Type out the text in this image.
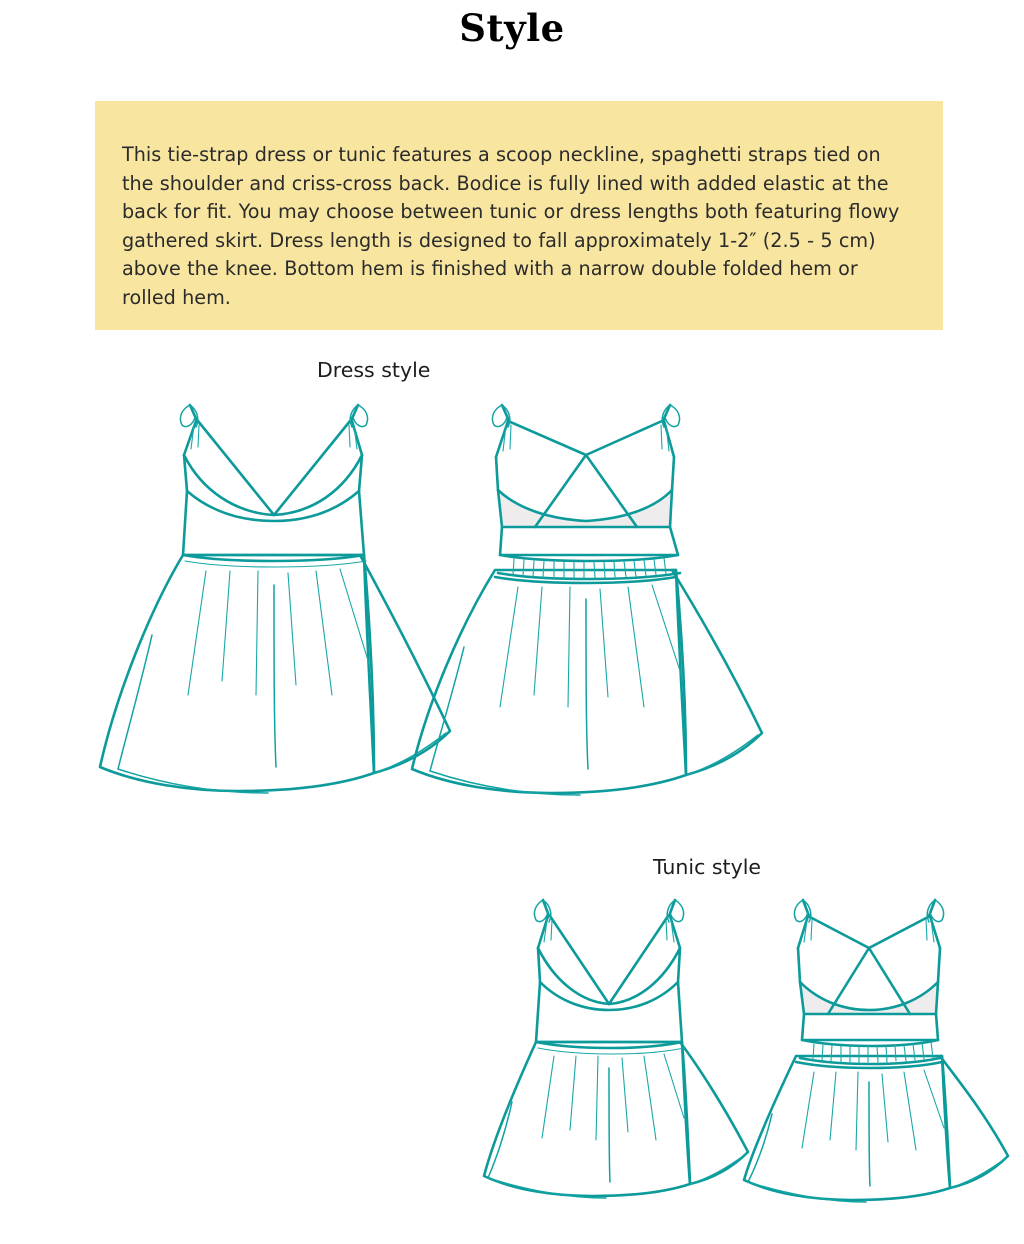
Style
This tie-strap dress or tunic features a scoop neckline, spaghetti straps tied on the shoulder and criss-cross back. Bodice is fully lined with added elastic at the back for fit. You may choose between tunic or dress lengths both featuring flowy gathered skirt. Dress length is designed to fall approximately 1-2″ (2.5 - 5 cm) above the knee. Bottom hem is finished with a narrow double folded hem or rolled hem.
Dress style
Tunic style
